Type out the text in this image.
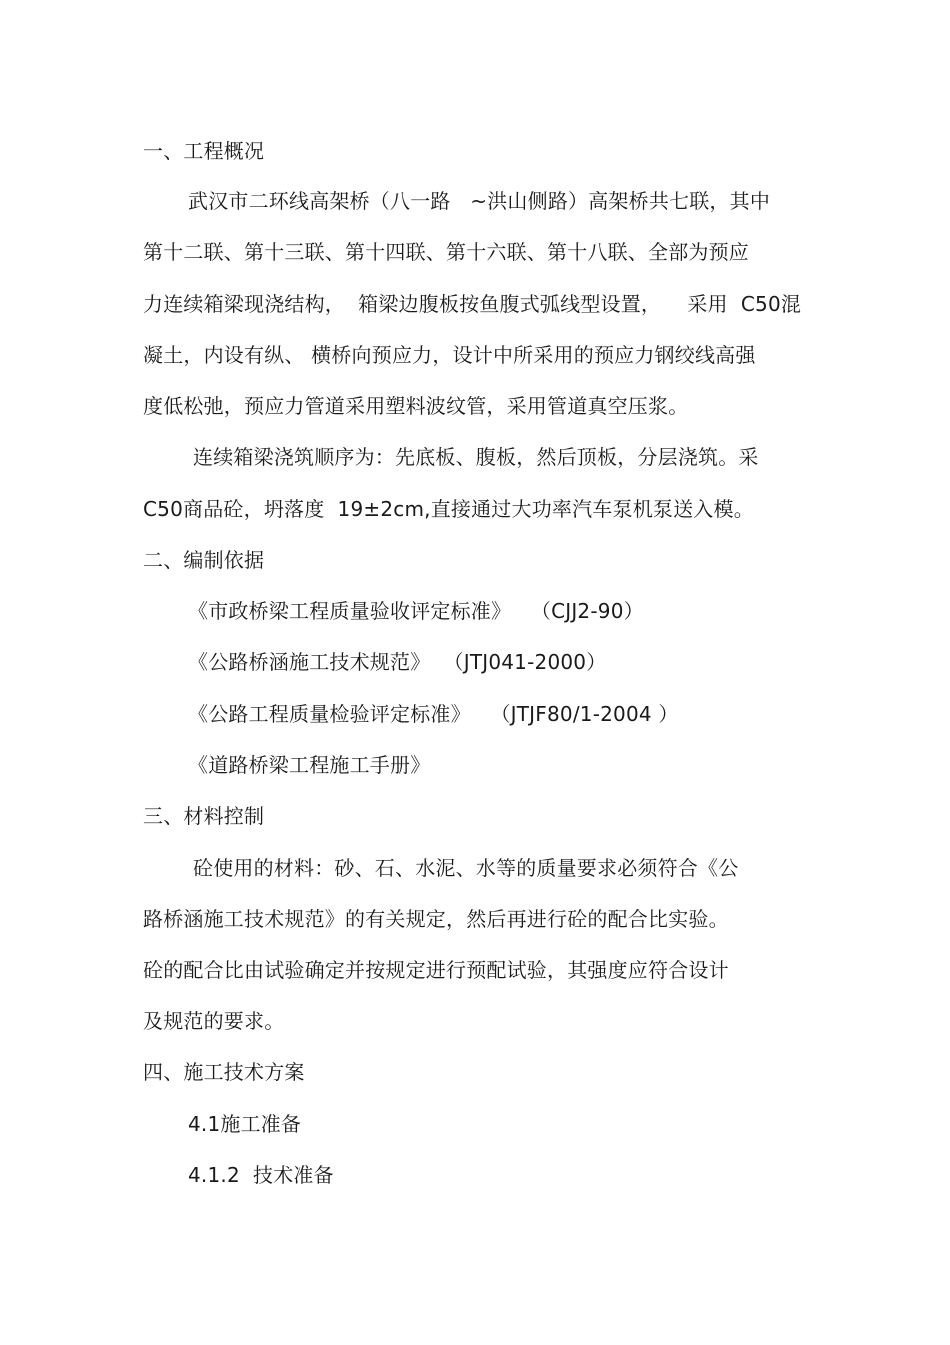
一、工程概况
武汉市二环线高架桥（八一路   ~洪山侧路）高架桥共七联，其中
第十二联、第十三联、第十四联、第十六联、第十八联、全部为预应
力连续箱梁现浇结构，  箱梁边腹板按鱼腹式弧线型设置，    采用  C50混
凝土，内设有纵、 横桥向预应力，设计中所采用的预应力钢绞线高强
度低松弛，预应力管道采用塑料波纹管，采用管道真空压浆。
连续箱梁浇筑顺序为：先底板、腹板，然后顶板，分层浇筑。采
C50商品砼，坍落度  19±2cm,直接通过大功率汽车泵机泵送入模。
二、编制依据
《市政桥梁工程质量验收评定标准》   （CJJ2-90）
《公路桥涵施工技术规范》  （JTJ041-2000）
《公路工程质量检验评定标准》   （JTJF80/1-2004 ）
《道路桥梁工程施工手册》
三、材料控制
砼使用的材料：砂、石、水泥、水等的质量要求必须符合《公
路桥涵施工技术规范》的有关规定，然后再进行砼的配合比实验。
砼的配合比由试验确定并按规定进行预配试验，其强度应符合设计
及规范的要求。
四、施工技术方案
4.1施工准备
4.1.2  技术准备
